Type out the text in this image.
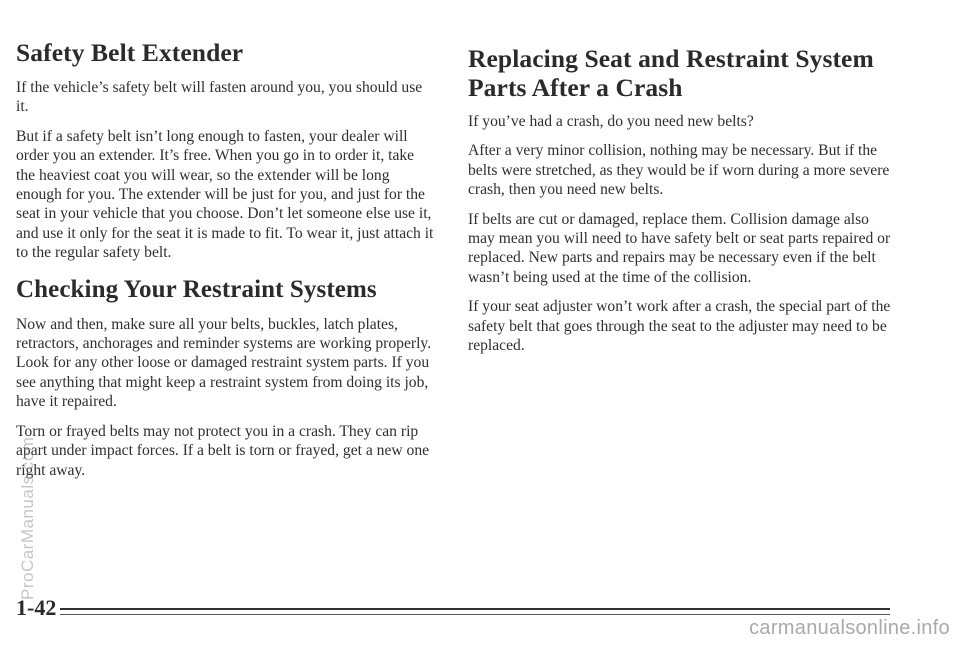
Safety Belt Extender

If the vehicle’s safety belt will fasten around you, you should use it.

But if a safety belt isn’t long enough to fasten, your dealer will order you an extender. It’s free. When you go in to order it, take the heaviest coat you will wear, so the extender will be long enough for you. The extender will be just for you, and just for the seat in your vehicle that you choose. Don’t let someone else use it, and use it only for the seat it is made to fit. To wear it, just attach it to the regular safety belt.

Checking Your Restraint Systems

Now and then, make sure all your belts, buckles, latch plates, retractors, anchorages and reminder systems are working properly. Look for any other loose or damaged restraint system parts. If you see anything that might keep a restraint system from doing its job, have it repaired.

Torn or frayed belts may not protect you in a crash. They can rip apart under impact forces. If a belt is torn or frayed, get a new one right away.

Replacing Seat and Restraint System Parts After a Crash

If you’ve had a crash, do you need new belts?

After a very minor collision, nothing may be necessary. But if the belts were stretched, as they would be if worn during a more severe crash, then you need new belts.

If belts are cut or damaged, replace them. Collision damage also may mean you will need to have safety belt or seat parts repaired or replaced. New parts and repairs may be necessary even if the belt wasn’t being used at the time of the collision.

If your seat adjuster won’t work after a crash, the special part of the safety belt that goes through the seat to the adjuster may need to be replaced.

ProCarManuals.com
1-42
carmanualsonline.info
